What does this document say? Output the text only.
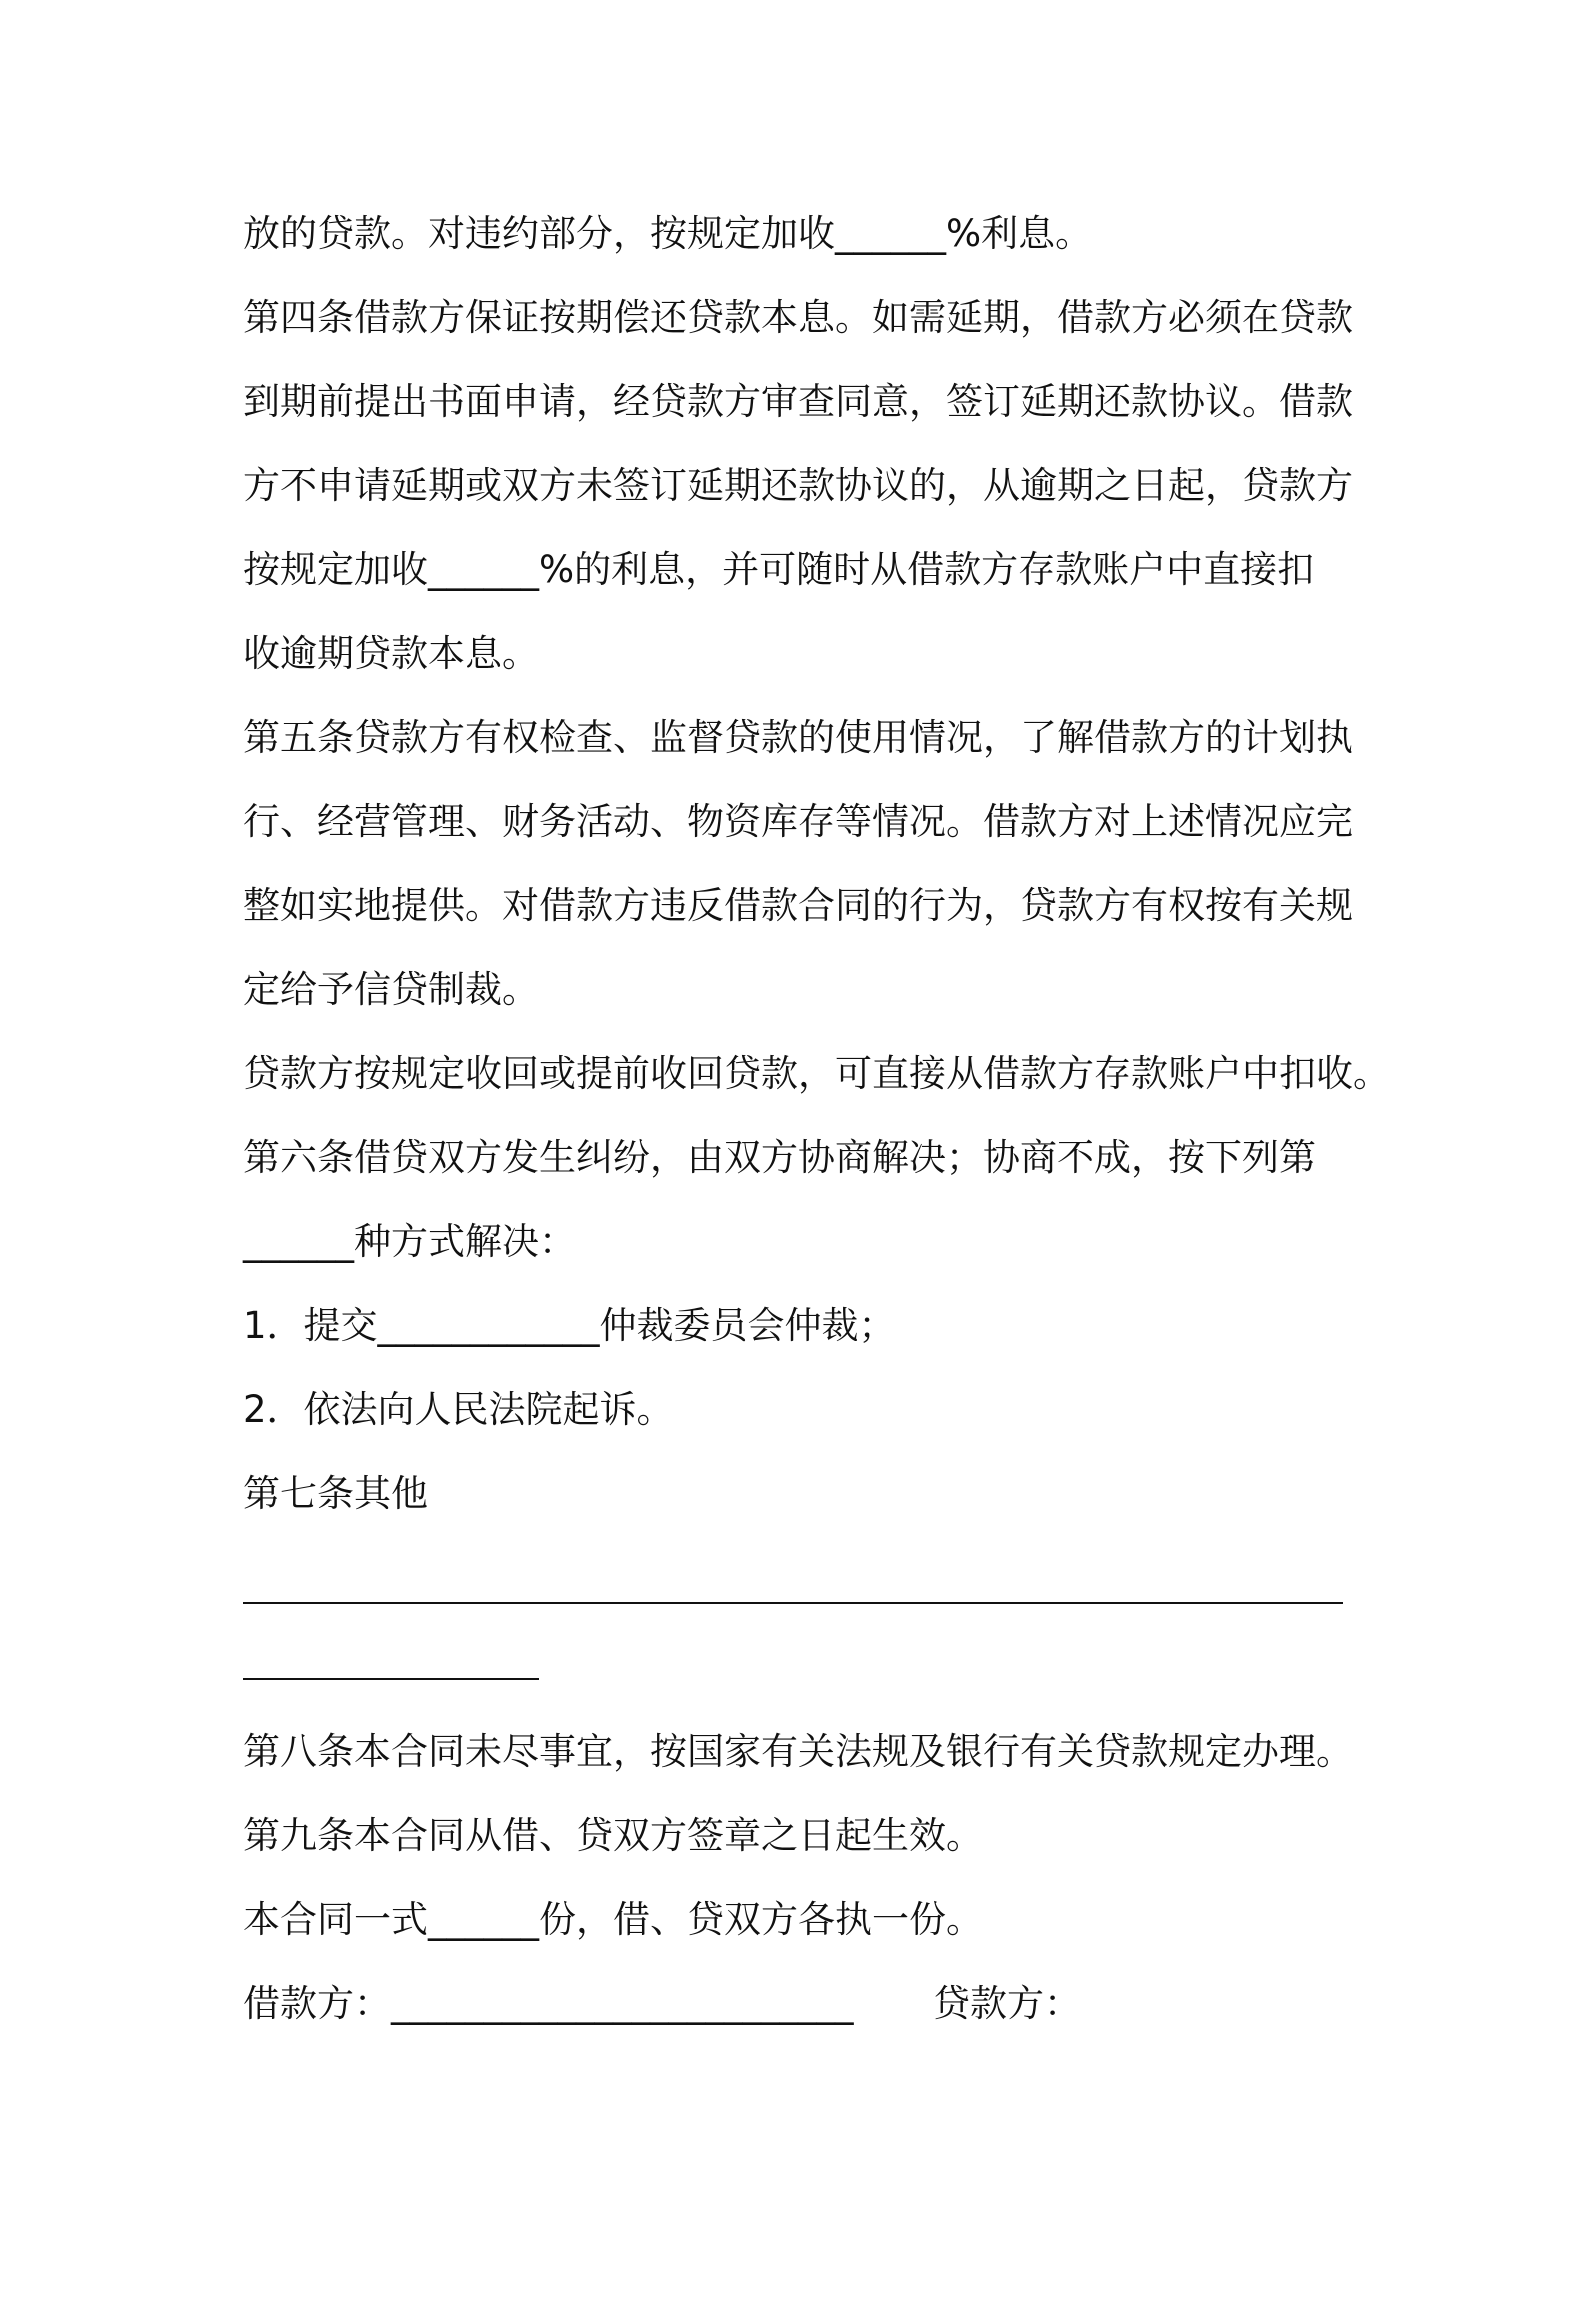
放的贷款。对违约部分，按规定加收______%利息。
第四条借款方保证按期偿还贷款本息。如需延期，借款方必须在贷款
到期前提出书面申请，经贷款方审查同意，签订延期还款协议。借款
方不申请延期或双方未签订延期还款协议的，从逾期之日起，贷款方
按规定加收______%的利息，并可随时从借款方存款账户中直接扣
收逾期贷款本息。
第五条贷款方有权检查、监督贷款的使用情况，了解借款方的计划执
行、经营管理、财务活动、物资库存等情况。借款方对上述情况应完
整如实地提供。对借款方违反借款合同的行为，贷款方有权按有关规
定给予信贷制裁。
贷款方按规定收回或提前收回贷款，可直接从借款方存款账户中扣收。
第六条借贷双方发生纠纷，由双方协商解决；协商不成，按下列第
______种方式解决：
1．提交____________仲裁委员会仲裁；
2．依法向人民法院起诉。
第七条其他
第八条本合同未尽事宜，按国家有关法规及银行有关贷款规定办理。
第九条本合同从借、贷双方签章之日起生效。
本合同一式______份，借、贷双方各执一份。

借款方：_________________________

贷款方：
